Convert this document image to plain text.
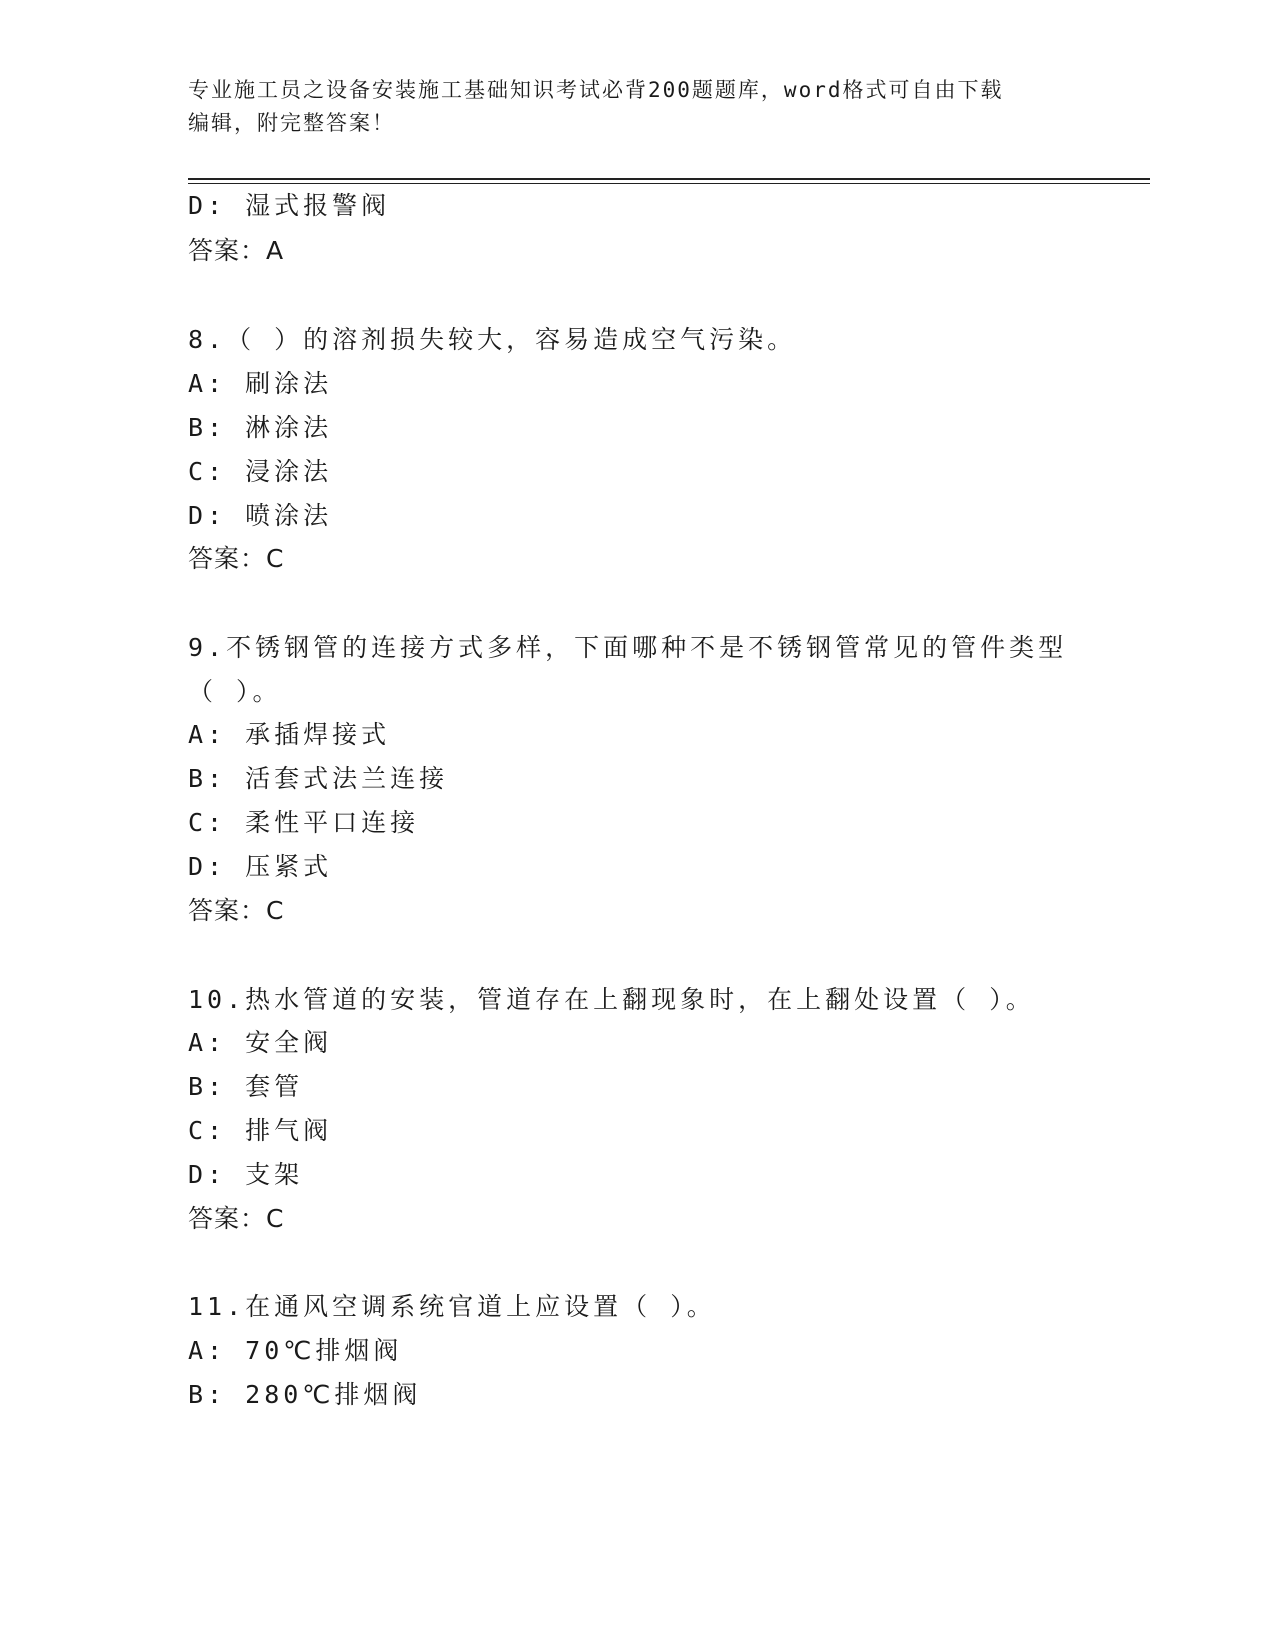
专业施工员之设备安装施工基础知识考试必背200题题库，word格式可自由下载
编辑，附完整答案！
D: 湿式报警阀
答案：A
8.（ ）的溶剂损失较大，容易造成空气污染。
A: 刷涂法
B: 淋涂法
C: 浸涂法
D: 喷涂法
答案：C
9.不锈钢管的连接方式多样，下面哪种不是不锈钢管常见的管件类型
（ ）。
A: 承插焊接式
B: 活套式法兰连接
C: 柔性平口连接
D: 压紧式
答案：C
10.热水管道的安装，管道存在上翻现象时，在上翻处设置（ ）。
A: 安全阀
B: 套管
C: 排气阀
D: 支架
答案：C
11.在通风空调系统官道上应设置（ ）。
A: 70℃排烟阀
B: 280℃排烟阀
